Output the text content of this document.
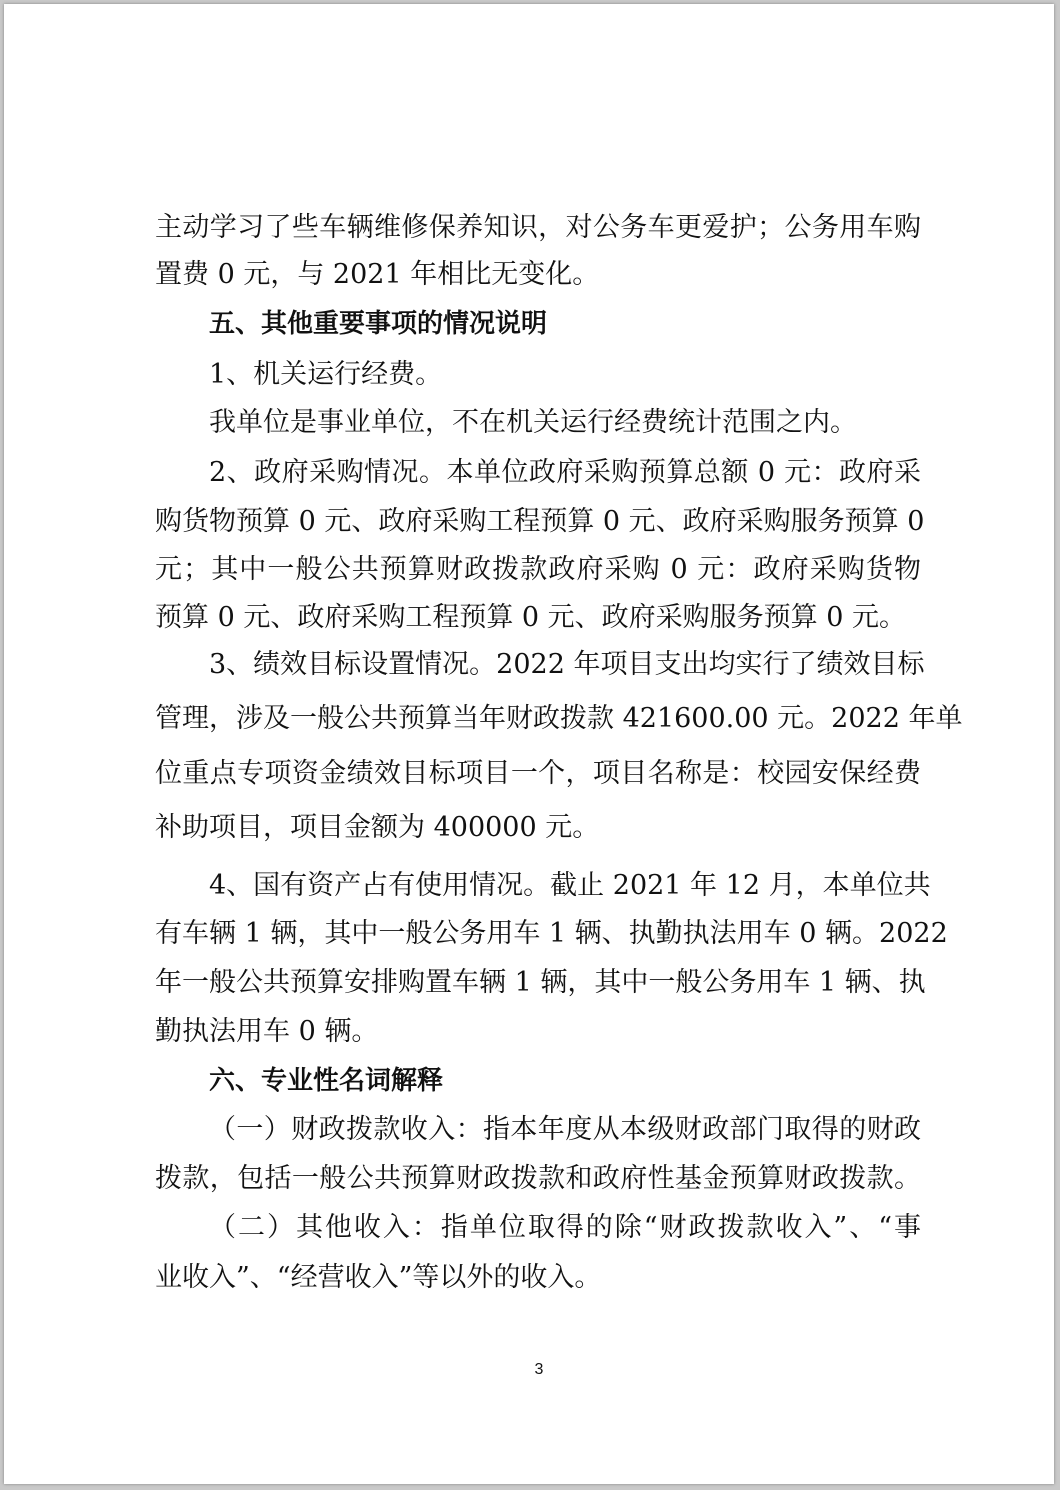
主动学习了些车辆维修保养知识，对公务车更爱护；公务用车购
置费 0 元，与 2021 年相比无变化。
五、其他重要事项的情况说明
1、机关运行经费。
我单位是事业单位，不在机关运行经费统计范围之内。
2、政府采购情况。本单位政府采购预算总额 0 元：政府采
购货物预算 0 元、政府采购工程预算 0 元、政府采购服务预算 0
元；其中一般公共预算财政拨款政府采购 0 元：政府采购货物
预算 0 元、政府采购工程预算 0 元、政府采购服务预算 0 元。
3、绩效目标设置情况。2022 年项目支出均实行了绩效目标
管理，涉及一般公共预算当年财政拨款 421600.00 元。2022 年单
位重点专项资金绩效目标项目一个，项目名称是：校园安保经费
补助项目，项目金额为 400000 元。
4、国有资产占有使用情况。截止 2021 年 12 月，本单位共
有车辆 1 辆，其中一般公务用车 1 辆、执勤执法用车 0 辆。2022
年一般公共预算安排购置车辆 1 辆，其中一般公务用车 1 辆、执
勤执法用车 0 辆。
六、专业性名词解释
（一）财政拨款收入：指本年度从本级财政部门取得的财政
拨款，包括一般公共预算财政拨款和政府性基金预算财政拨款。
（二）其他收入：指单位取得的除“财政拨款收入”、“事
业收入”、“经营收入”等以外的收入。
3
